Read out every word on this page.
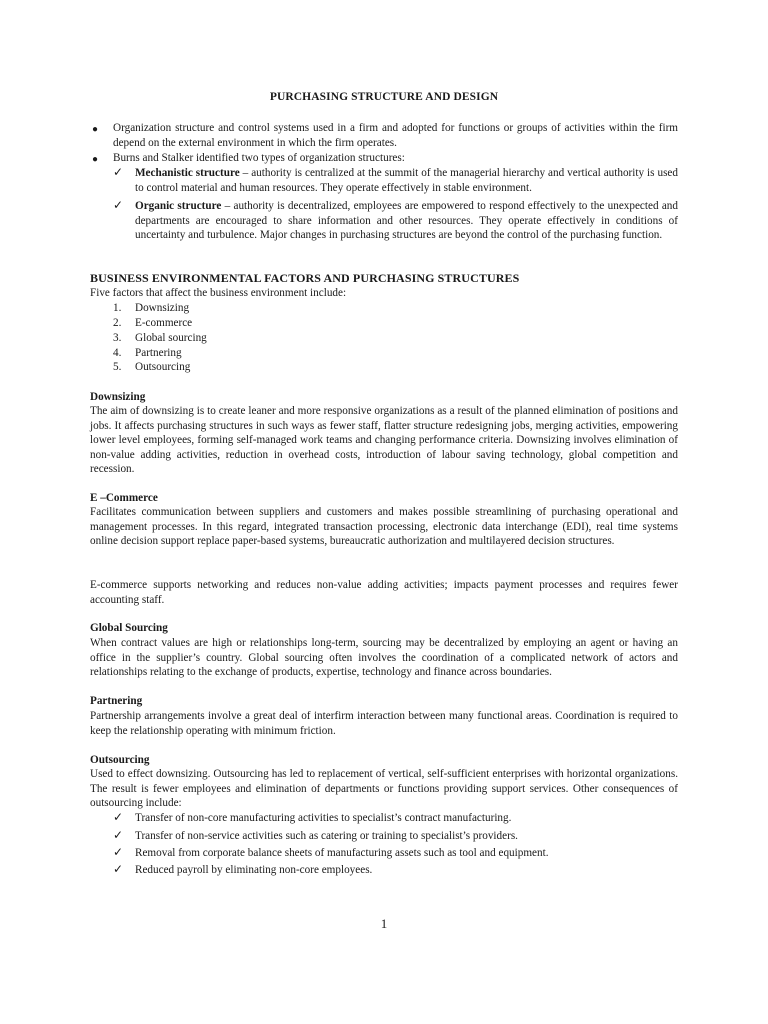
PURCHASING STRUCTURE AND DESIGN
● Organization structure and control systems used in a firm and adopted for functions or groups of activities within the firm depend on the external environment in which the firm operates.

● Burns and Stalker identified two types of organization structures:

✓ Mechanistic structure – authority is centralized at the summit of the managerial hierarchy and vertical authority is used to control material and human resources. They operate effectively in stable environment.

✓ Organic structure – authority is decentralized, employees are empowered to respond effectively to the unexpected and departments are encouraged to share information and other resources. They operate effectively in conditions of uncertainty and turbulence. Major changes in purchasing structures are beyond the control of the purchasing function.

BUSINESS ENVIRONMENTAL FACTORS AND PURCHASING STRUCTURES

Five factors that affect the business environment include:

1. Downsizing
2. E-commerce
3. Global sourcing
4. Partnering
5. Outsourcing

Downsizing

The aim of downsizing is to create leaner and more responsive organizations as a result of the planned elimination of positions and jobs. It affects purchasing structures in such ways as fewer staff, flatter structure redesigning jobs, merging activities, empowering lower level employees, forming self-managed work teams and changing performance criteria. Downsizing involves elimination of non-value adding activities, reduction in overhead costs, introduction of labour saving technology, global competition and recession.

E –Commerce

Facilitates communication between suppliers and customers and makes possible streamlining of purchasing operational and management processes. In this regard, integrated transaction processing, electronic data interchange (EDI), real time systems online decision support replace paper-based systems, bureaucratic authorization and multilayered decision structures.

E-commerce supports networking and reduces non-value adding activities; impacts payment processes and requires fewer accounting staff.

Global Sourcing

When contract values are high or relationships long-term, sourcing may be decentralized by employing an agent or having an office in the supplier’s country. Global sourcing often involves the coordination of a complicated network of actors and relationships relating to the exchange of products, expertise, technology and finance across boundaries.

Partnering

Partnership arrangements involve a great deal of interfirm interaction between many functional areas. Coordination is required to keep the relationship operating with minimum friction.

Outsourcing

Used to effect downsizing. Outsourcing has led to replacement of vertical, self-sufficient enterprises with horizontal organizations. The result is fewer employees and elimination of departments or functions providing support services. Other consequences of outsourcing include:

✓ Transfer of non-core manufacturing activities to specialist’s contract manufacturing.

✓ Transfer of non-service activities such as catering or training to specialist’s providers.

✓ Removal from corporate balance sheets of manufacturing assets such as tool and equipment.

✓ Reduced payroll by eliminating non-core employees.

1
